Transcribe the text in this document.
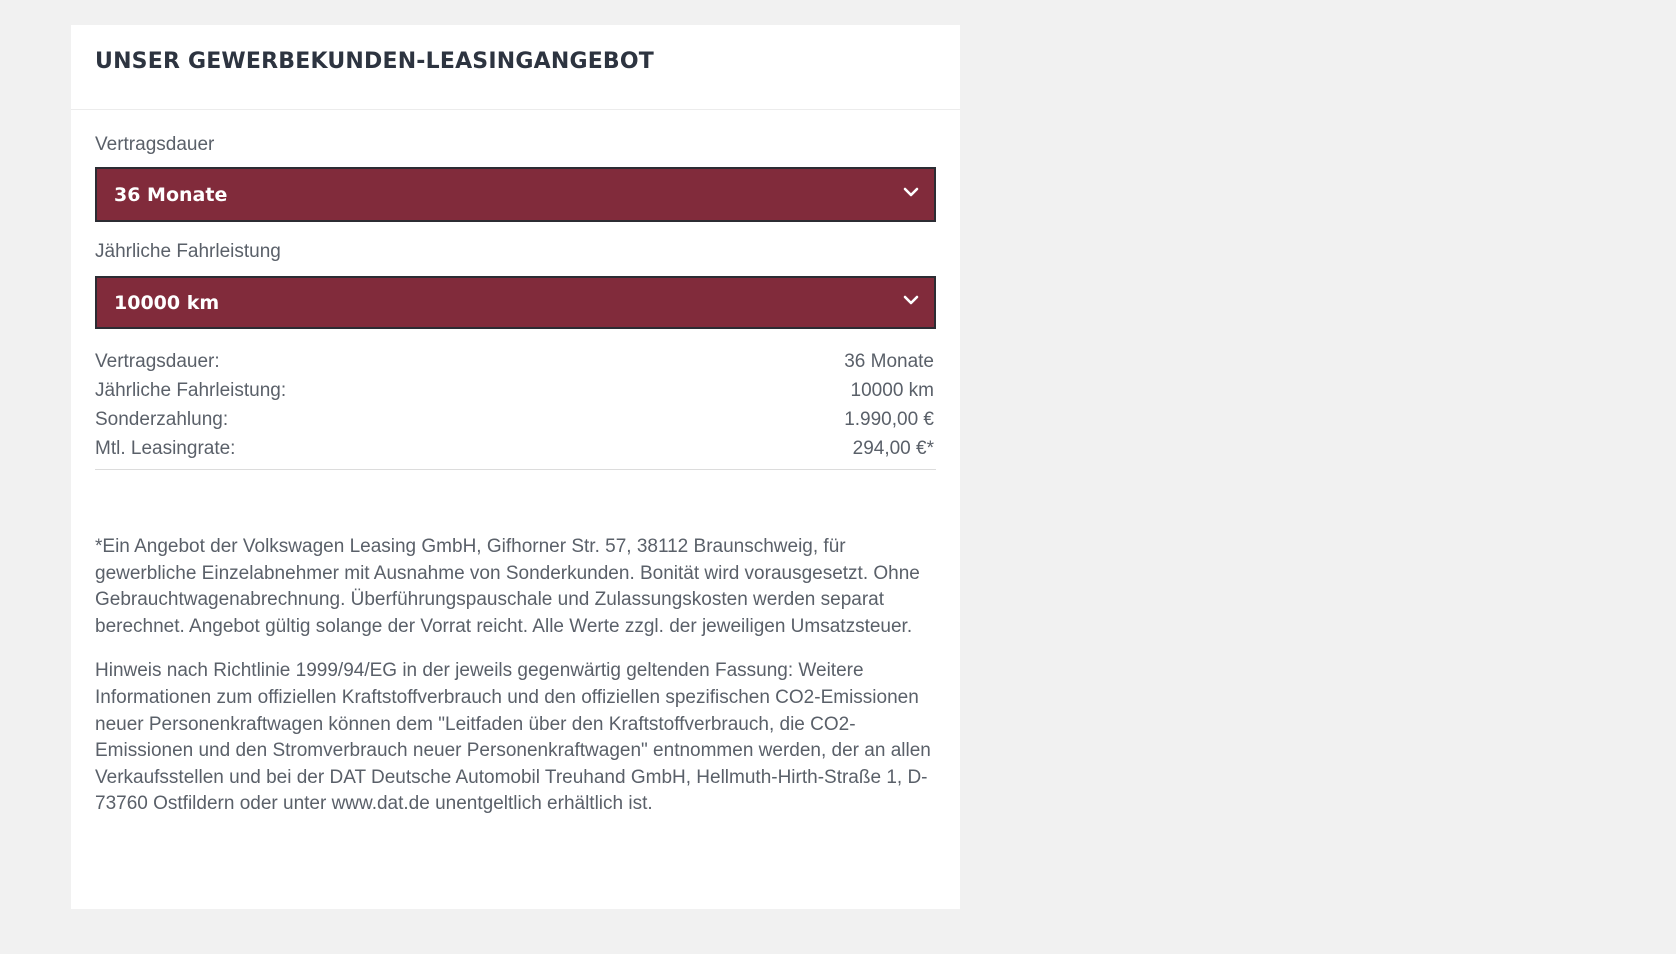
UNSER GEWERBEKUNDEN-LEASINGANGEBOT
Vertragsdauer
36 Monate
Jährliche Fahrleistung
10000 km
Vertragsdauer:	36 Monate
Jährliche Fahrleistung:	10000 km
Sonderzahlung:	1.990,00 €
Mtl. Leasingrate:	294,00 €*

*Ein Angebot der Volkswagen Leasing GmbH, Gifhorner Str. 57, 38112 Braunschweig, für gewerbliche Einzelabnehmer mit Ausnahme von Sonderkunden. Bonität wird vorausgesetzt. Ohne Gebrauchtwagenabrechnung. Überführungspauschale und Zulassungskosten werden separat berechnet. Angebot gültig solange der Vorrat reicht. Alle Werte zzgl. der jeweiligen Umsatzsteuer.

Hinweis nach Richtlinie 1999/94/EG in der jeweils gegenwärtig geltenden Fassung: Weitere Informationen zum offiziellen Kraftstoffverbrauch und den offiziellen spezifischen CO2-Emissionen neuer Personenkraftwagen können dem "Leitfaden über den Kraftstoffverbrauch, die CO2-Emissionen und den Stromverbrauch neuer Personenkraftwagen" entnommen werden, der an allen Verkaufsstellen und bei der DAT Deutsche Automobil Treuhand GmbH, Hellmuth-Hirth-Straße 1, D-73760 Ostfildern oder unter www.dat.de unentgeltlich erhältlich ist.
